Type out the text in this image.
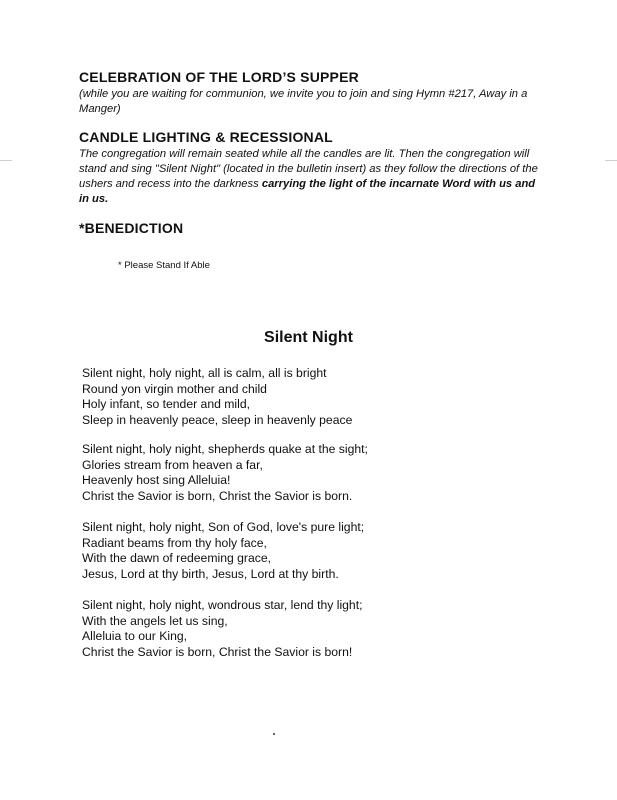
CELEBRATION OF THE LORD’S SUPPER
(while you are waiting for communion, we invite you to join and sing Hymn #217, Away in a Manger)
CANDLE LIGHTING & RECESSIONAL
The congregation will remain seated while all the candles are lit. Then the congregation will stand and sing "Silent Night" (located in the bulletin insert) as they follow the directions of the ushers and recess into the darkness carrying the light of the incarnate Word with us and in us.
*BENEDICTION
* Please Stand If Able
Silent Night
Silent night, holy night, all is calm, all is bright
Round yon virgin mother and child
Holy infant, so tender and mild,
Sleep in heavenly peace, sleep in heavenly peace
Silent night, holy night, shepherds quake at the sight;
Glories stream from heaven a far,
Heavenly host sing Alleluia!
Christ the Savior is born, Christ the Savior is born.
Silent night, holy night, Son of God, love's pure light;
Radiant beams from thy holy face,
With the dawn of redeeming grace,
Jesus, Lord at thy birth, Jesus, Lord at thy birth.
Silent night, holy night, wondrous star, lend thy light;
With the angels let us sing,
Alleluia to our King,
Christ the Savior is born, Christ the Savior is born!
